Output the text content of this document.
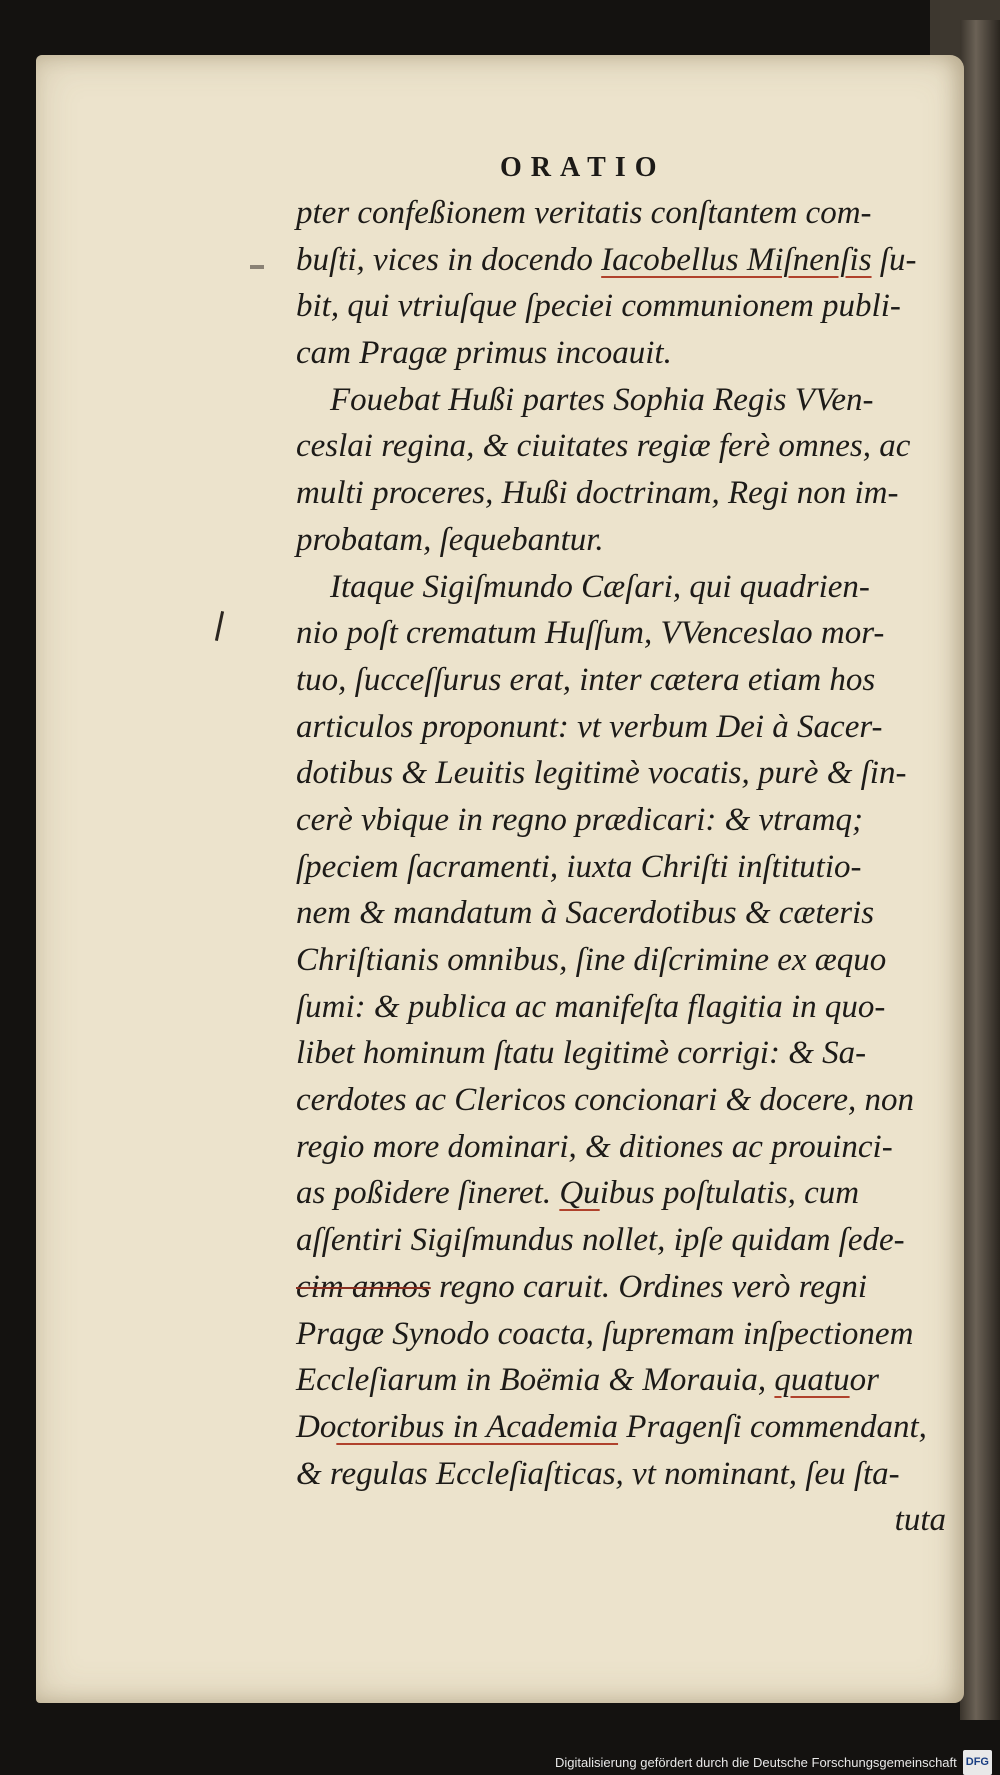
ORATIO
pter confeßionem veritatis conſtantem com-
buſti, vices in docendo Iacobellus Miſnenſis ſu-
bit, qui vtriuſque ſpeciei communionem publi-
cam Pragæ primus incoauit.
Fouebat Hußi partes Sophia Regis VVen-
ceslai regina, & ciuitates regiæ ferè omnes, ac
multi proceres, Hußi doctrinam, Regi non im-
probatam, ſequebantur.
Itaque Sigiſmundo Cæſari, qui quadrien-
nio poſt crematum Huſſum, VVenceslao mor-
tuo, ſucceſſurus erat, inter cætera etiam hos
articulos proponunt: vt verbum Dei à Sacer-
dotibus & Leuitis legitimè vocatis, purè & ſin-
cerè vbique in regno prædicari: & vtramq;
ſpeciem ſacramenti, iuxta Chriſti inſtitutio-
nem & mandatum à Sacerdotibus & cæteris
Chriſtianis omnibus, ſine diſcrimine ex æquo
ſumi: & publica ac manifeſta flagitia in quo-
libet hominum ſtatu legitimè corrigi: & Sa-
cerdotes ac Clericos concionari & docere, non
regio more dominari, & ditiones ac prouinci-
as poßidere ſineret. Quibus poſtulatis, cum
aſſentiri Sigiſmundus nollet, ipſe quidam ſede-
cim annos regno caruit. Ordines verò regni
Pragæ Synodo coacta, ſupremam inſpectionem
Eccleſiarum in Boëmia & Morauia, quatuor
Doctoribus in Academia Pragenſi commendant,
& regulas Eccleſiaſticas, vt nominant, ſeu ſta-
tuta
Digitalisierung gefördert durch die Deutsche Forschungsgemeinschaft DFG
